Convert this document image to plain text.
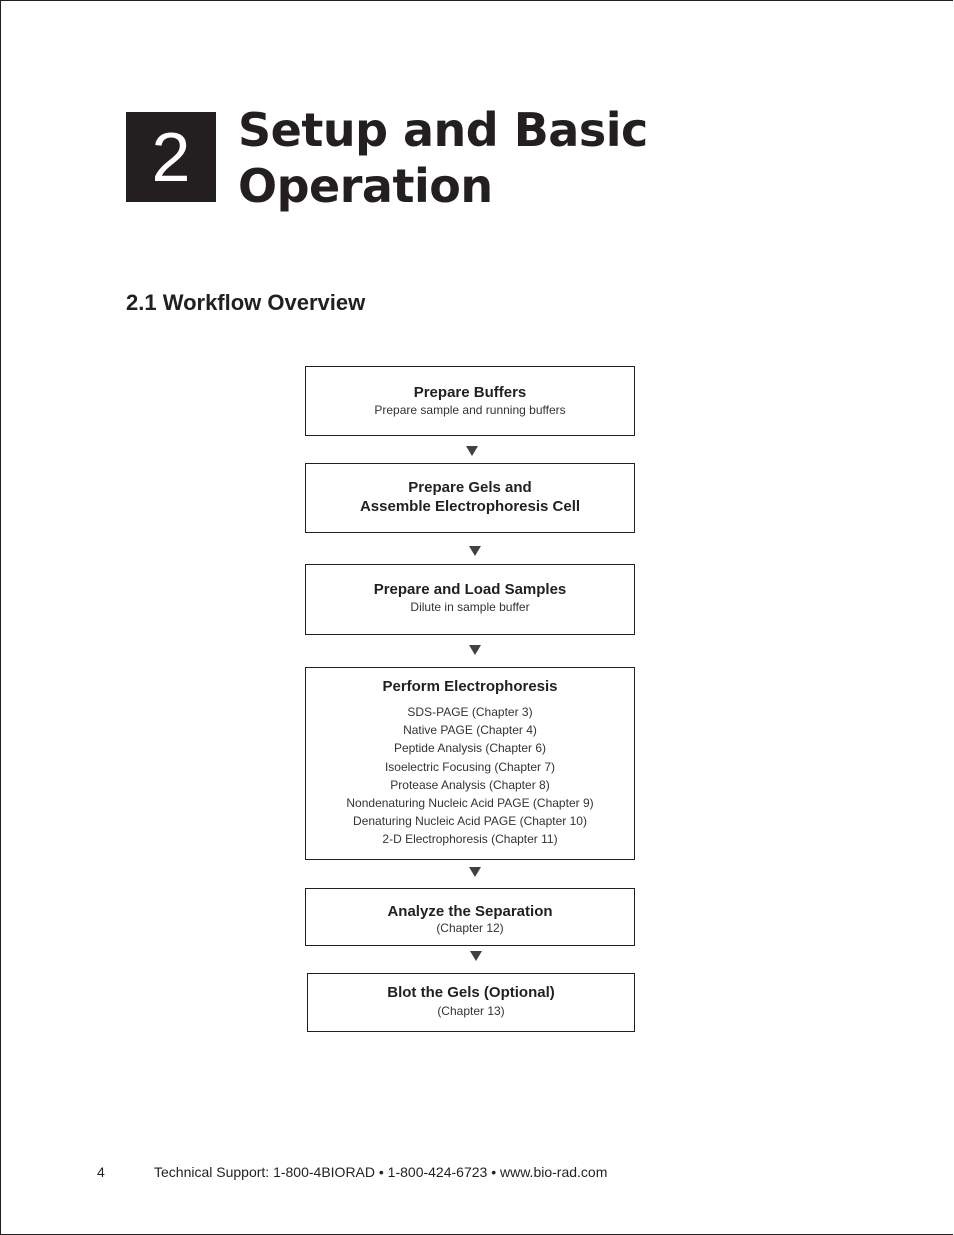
2	Setup and Basic
Operation
2.1 Workflow Overview
Prepare Buffers
Prepare sample and running buffers
Prepare Gels and
Assemble Electrophoresis Cell
Prepare and Load Samples
Dilute in sample buffer
Perform Electrophoresis
SDS-PAGE (Chapter 3)
Native PAGE (Chapter 4)
Peptide Analysis (Chapter 6)
Isoelectric Focusing (Chapter 7)
Protease Analysis (Chapter 8)
Nondenaturing Nucleic Acid PAGE (Chapter 9)
Denaturing Nucleic Acid PAGE (Chapter 10)
2-D Electrophoresis (Chapter 11)
Analyze the Separation
(Chapter 12)
Blot the Gels (Optional)
(Chapter 13)
4	Technical Support: 1-800-4BIORAD • 1-800-424-6723 • www.bio-rad.com
